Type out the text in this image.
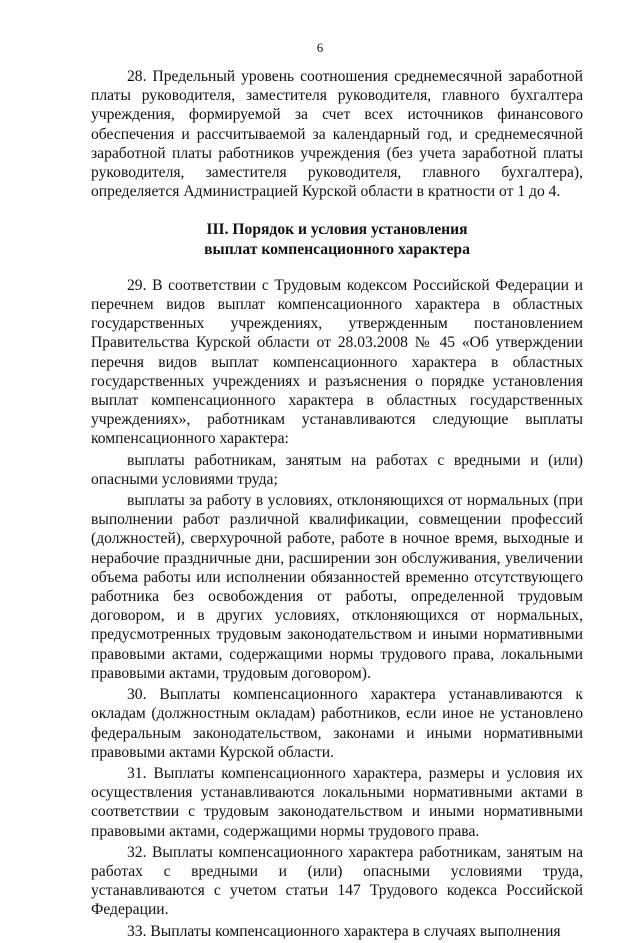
6

28. Предельный уровень соотношения среднемесячной заработной платы руководителя, заместителя руководителя, главного бухгалтера учреждения, формируемой за счет всех источников финансового обеспечения и рассчитываемой за календарный год, и среднемесячной заработной платы работников учреждения (без учета заработной платы руководителя, заместителя руководителя, главного бухгалтера), определяется Администрацией Курской области в кратности от 1 до 4.

III. Порядок и условия установления
выплат компенсационного характера

29. В соответствии с Трудовым кодексом Российской Федерации и перечнем видов выплат компенсационного характера в областных государственных учреждениях, утвержденным постановлением Правительства Курской области от 28.03.2008 № 45 «Об утверждении перечня видов выплат компенсационного характера в областных государственных учреждениях и разъяснения о порядке установления выплат компенсационного характера в областных государственных учреждениях», работникам устанавливаются следующие выплаты компенсационного характера:

выплаты работникам, занятым на работах с вредными и (или) опасными условиями труда;

выплаты за работу в условиях, отклоняющихся от нормальных (при выполнении работ различной квалификации, совмещении профессий (должностей), сверхурочной работе, работе в ночное время, выходные и нерабочие праздничные дни, расширении зон обслуживания, увеличении объема работы или исполнении обязанностей временно отсутствующего работника без освобождения от работы, определенной трудовым договором, и в других условиях, отклоняющихся от нормальных, предусмотренных трудовым законодательством и иными нормативными правовыми актами, содержащими нормы трудового права, локальными правовыми актами, трудовым договором).

30. Выплаты компенсационного характера устанавливаются к окладам (должностным окладам) работников, если иное не установлено федеральным законодательством, законами и иными нормативными правовыми актами Курской области.

31. Выплаты компенсационного характера, размеры и условия их осуществления устанавливаются локальными нормативными актами в соответствии с трудовым законодательством и иными нормативными правовыми актами, содержащими нормы трудового права.

32. Выплаты компенсационного характера работникам, занятым на работах с вредными и (или) опасными условиями труда, устанавливаются с учетом статьи 147 Трудового кодекса Российской Федерации.

33. Выплаты компенсационного характера в случаях выполнения
